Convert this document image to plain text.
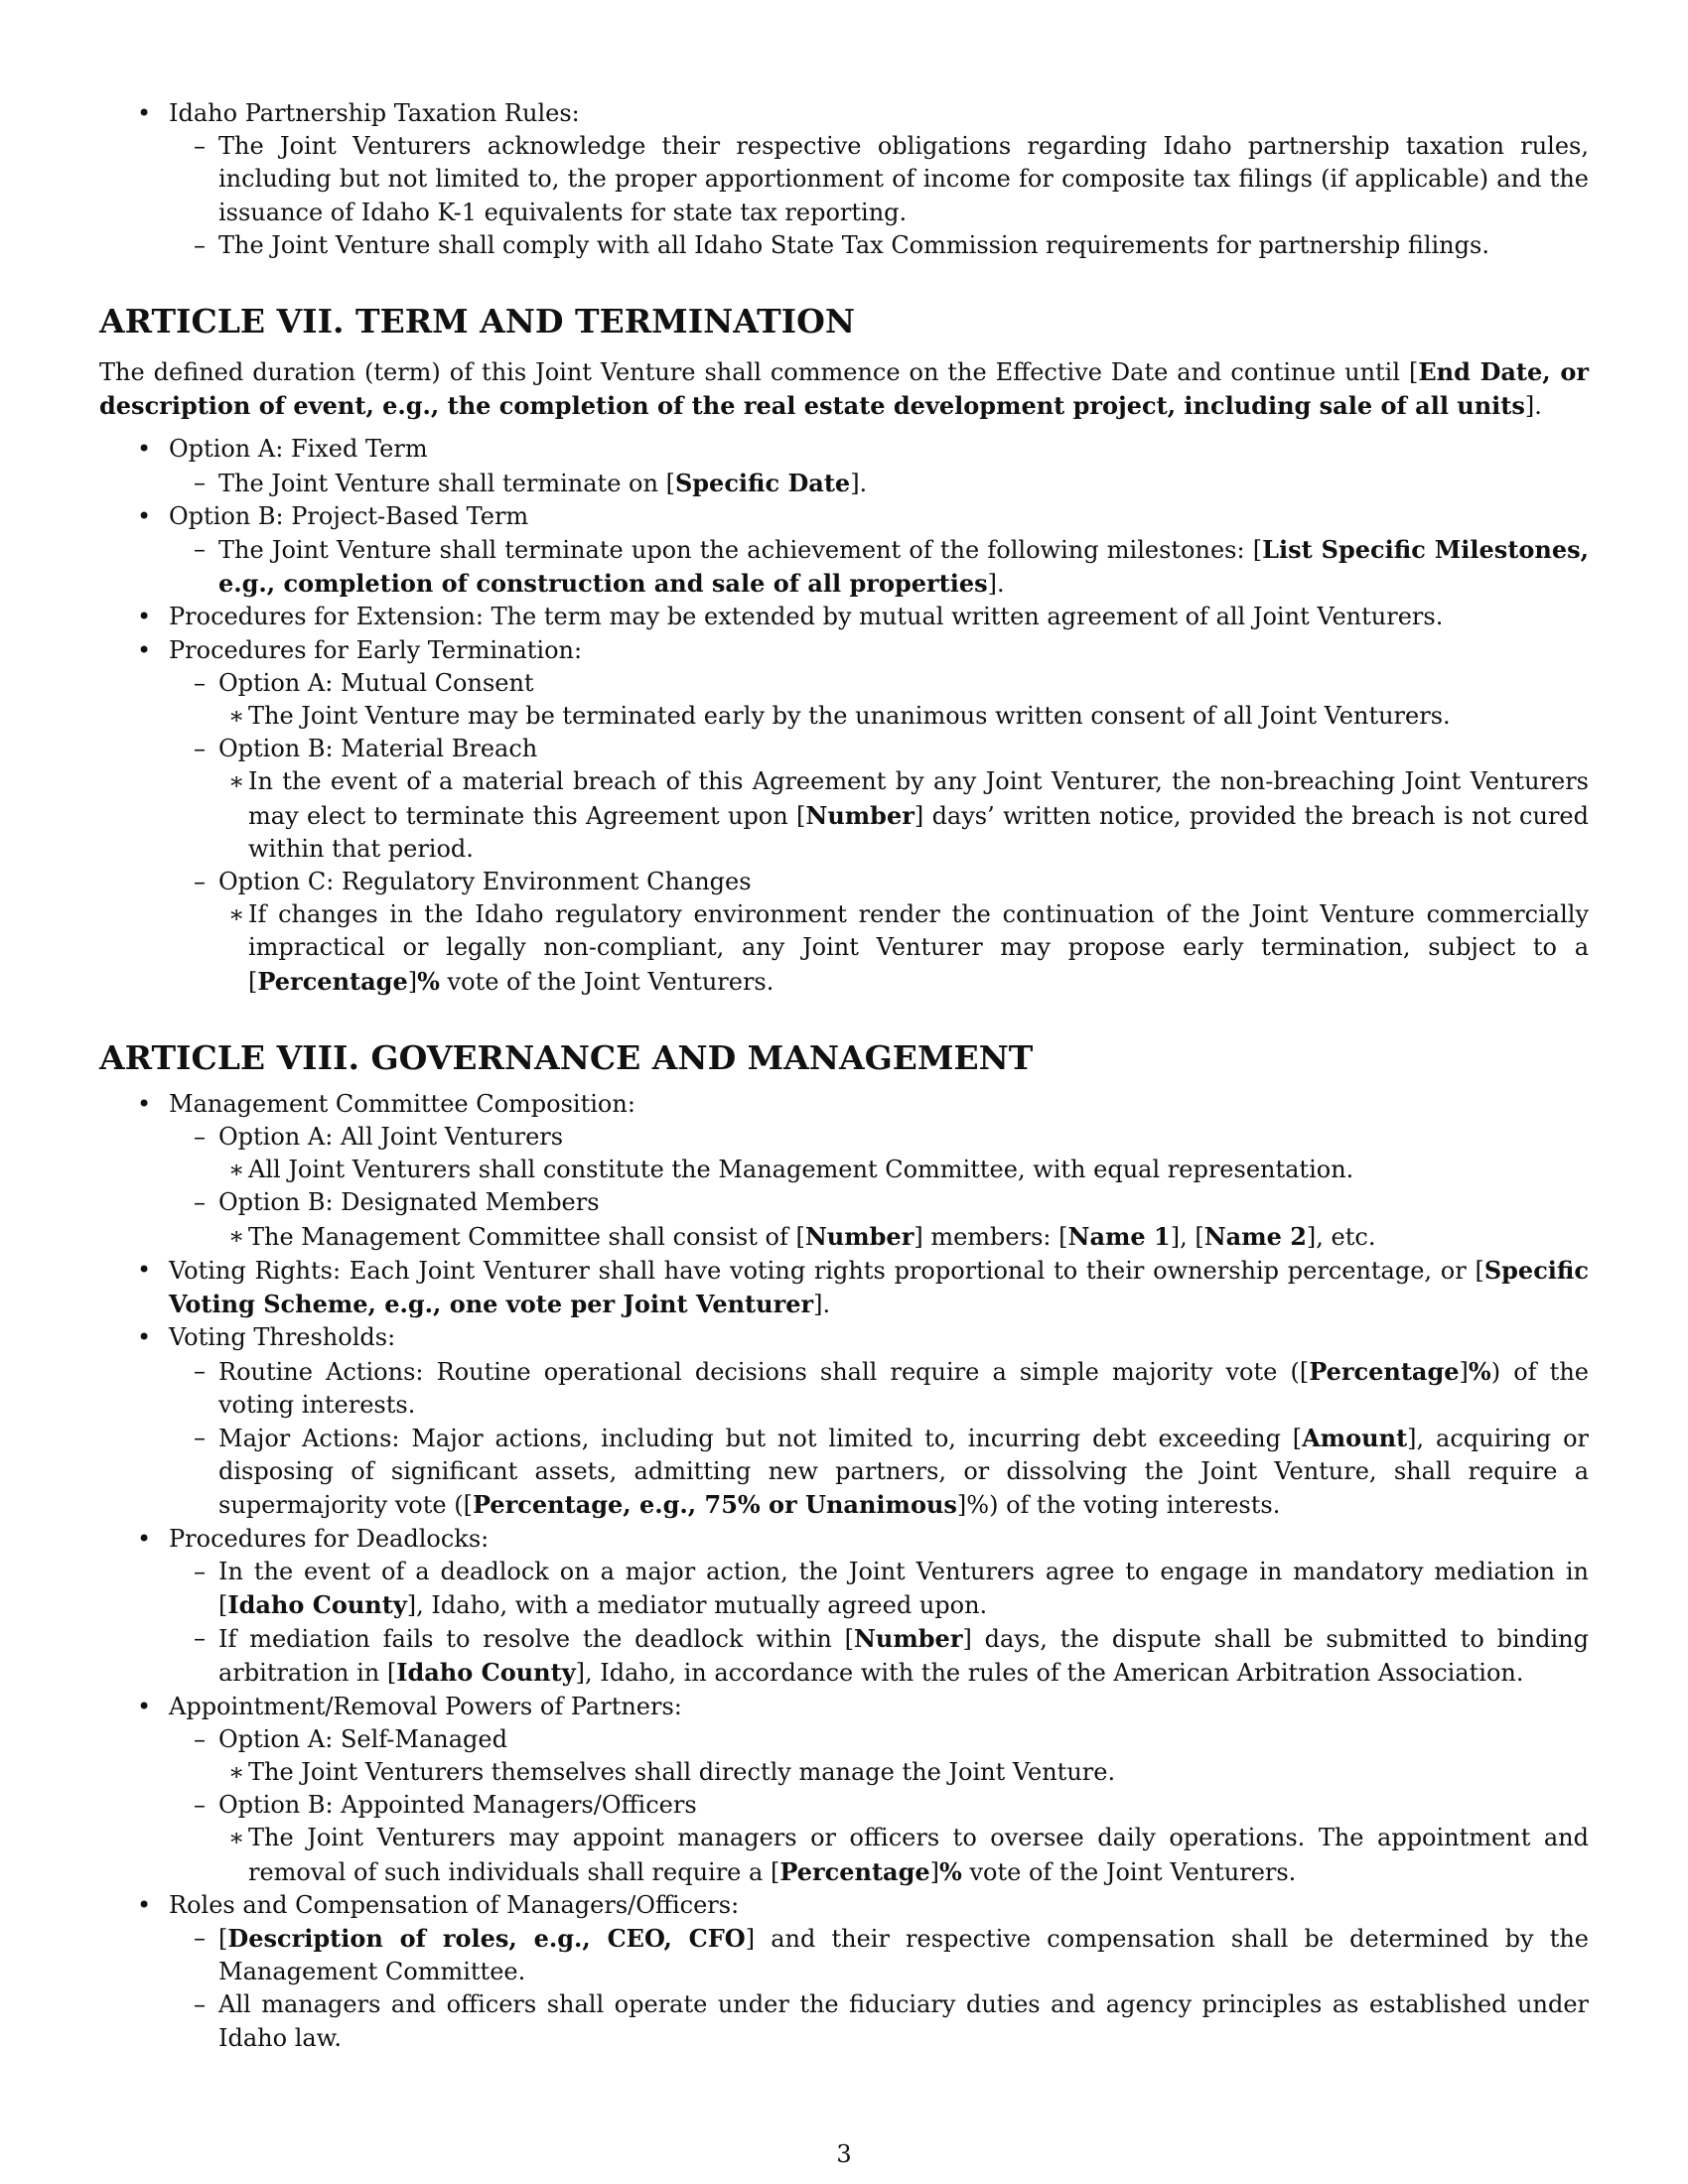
• Idaho Partnership Taxation Rules:
– The Joint Venturers acknowledge their respective obligations regarding Idaho partnership taxation rules, including but not limited to, the proper apportionment of income for composite tax filings (if applicable) and the issuance of Idaho K-1 equivalents for state tax reporting.
– The Joint Venture shall comply with all Idaho State Tax Commission requirements for partnership filings.
ARTICLE VII. TERM AND TERMINATION

The defined duration (term) of this Joint Venture shall commence on the Effective Date and continue until [End Date, or description of event, e.g., the completion of the real estate development project, including sale of all units].

• Option A: Fixed Term
– The Joint Venture shall terminate on [Specific Date].
• Option B: Project-Based Term
– The Joint Venture shall terminate upon the achievement of the following milestones: [List Specific Milestones, e.g., completion of construction and sale of all properties].
• Procedures for Extension: The term may be extended by mutual written agreement of all Joint Venturers.
• Procedures for Early Termination:
– Option A: Mutual Consent
∗ The Joint Venture may be terminated early by the unanimous written consent of all Joint Venturers.
– Option B: Material Breach
∗ In the event of a material breach of this Agreement by any Joint Venturer, the non-breaching Joint Venturers may elect to terminate this Agreement upon [Number] days’ written notice, provided the breach is not cured within that period.
– Option C: Regulatory Environment Changes
∗ If changes in the Idaho regulatory environment render the continuation of the Joint Venture commercially impractical or legally non-compliant, any Joint Venturer may propose early termination, subject to a [Percentage]% vote of the Joint Venturers.
ARTICLE VIII. GOVERNANCE AND MANAGEMENT
• Management Committee Composition:
– Option A: All Joint Venturers
∗ All Joint Venturers shall constitute the Management Committee, with equal representation.
– Option B: Designated Members
∗ The Management Committee shall consist of [Number] members: [Name 1], [Name 2], etc.
• Voting Rights: Each Joint Venturer shall have voting rights proportional to their ownership percentage, or [Specific Voting Scheme, e.g., one vote per Joint Venturer].
• Voting Thresholds:
– Routine Actions: Routine operational decisions shall require a simple majority vote ([Percentage]%) of the voting interests.
– Major Actions: Major actions, including but not limited to, incurring debt exceeding [Amount], acquiring or disposing of significant assets, admitting new partners, or dissolving the Joint Venture, shall require a supermajority vote ([Percentage, e.g., 75% or Unanimous]%) of the voting interests.
• Procedures for Deadlocks:
– In the event of a deadlock on a major action, the Joint Venturers agree to engage in mandatory mediation in [Idaho County], Idaho, with a mediator mutually agreed upon.
– If mediation fails to resolve the deadlock within [Number] days, the dispute shall be submitted to binding arbitration in [Idaho County], Idaho, in accordance with the rules of the American Arbitration Association.
• Appointment/Removal Powers of Partners:
– Option A: Self-Managed
∗ The Joint Venturers themselves shall directly manage the Joint Venture.
– Option B: Appointed Managers/Officers
∗ The Joint Venturers may appoint managers or officers to oversee daily operations. The appointment and removal of such individuals shall require a [Percentage]% vote of the Joint Venturers.
• Roles and Compensation of Managers/Officers:
– [Description of roles, e.g., CEO, CFO] and their respective compensation shall be determined by the Management Committee.
– All managers and officers shall operate under the fiduciary duties and agency principles as established under Idaho law.
3
